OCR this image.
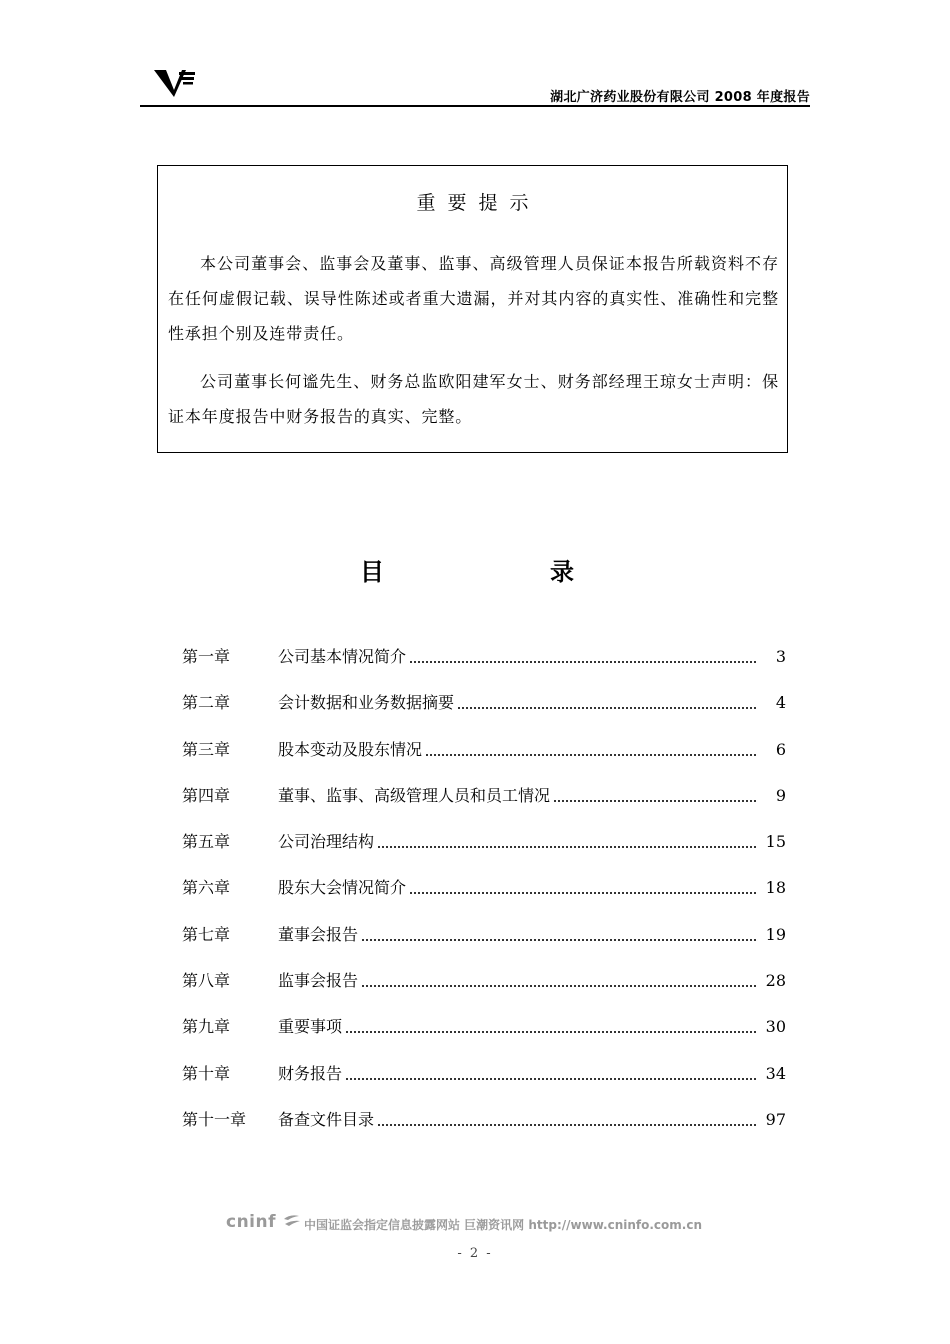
湖北广济药业股份有限公司 2008 年度报告
重要提示

本公司董事会、监事会及董事、监事、高级管理人员保证本报告所载资料不存在任何虚假记载、误导性陈述或者重大遗漏，并对其内容的真实性、准确性和完整性承担个别及连带责任。

公司董事长何谧先生、财务总监欧阳建军女士、财务部经理王琼女士声明：保证本年度报告中财务报告的真实、完整。

目	录
第一章	公司基本情况简介	3
第二章	会计数据和业务数据摘要	4
第三章	股本变动及股东情况	6
第四章	董事、监事、高级管理人员和员工情况	9
第五章	公司治理结构	15
第六章	股东大会情况简介	18
第七章	董事会报告	19
第八章	监事会报告	28
第九章	重要事项	30
第十章	财务报告	34
第十一章 备查文件目录	97
cninf	中国证监会指定信息披露网站 巨潮资讯网 http://www.cninfo.com.cn
- 2 -
